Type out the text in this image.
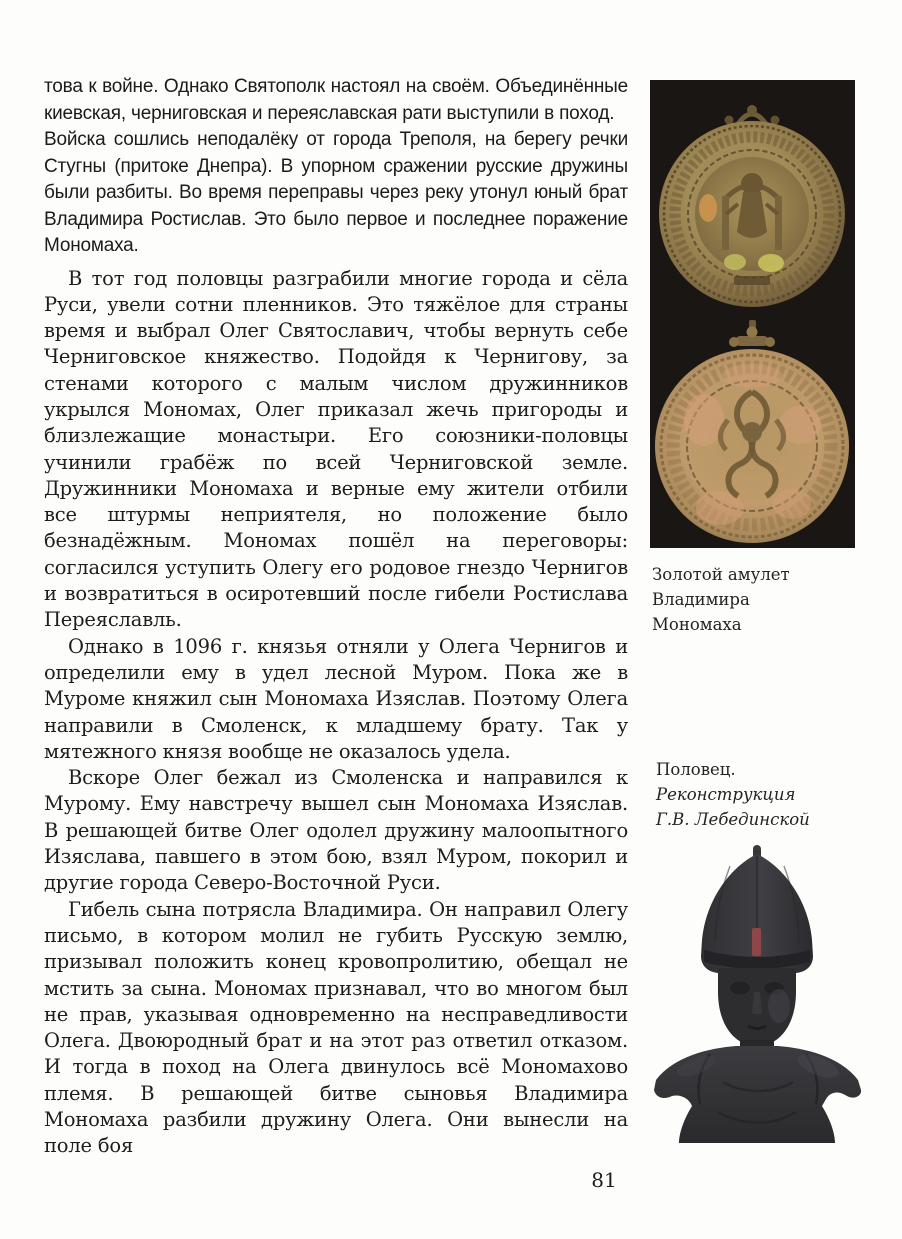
това к войне. Однако Святополк настоял на своём. Объединённые киевская, черниговская и переяславская рати выступили в поход.

Войска сошлись неподалёку от города Треполя, на берегу речки Стугны (притоке Днепра). В упорном сражении русские дружины были разбиты. Во время переправы через реку утонул юный брат Владимира Ростислав. Это было первое и последнее поражение Мономаха.

В тот год половцы разграбили многие города и сёла Руси, увели сотни пленников. Это тяжёлое для страны время и выбрал Олег Святославич, чтобы вернуть себе Черниговское княжество. Подойдя к Чернигову, за стенами которого с малым числом дружинников укрылся Мономах, Олег приказал жечь пригороды и близлежащие монастыри. Его союзники-половцы учинили грабёж по всей Черниговской земле. Дружинники Мономаха и верные ему жители отбили все штурмы неприятеля, но положение было безнадёжным. Мономах пошёл на переговоры: согласился уступить Олегу его родовое гнездо Чернигов и возвратиться в осиротевший после гибели Ростислава Переяславль.

Однако в 1096 г. князья отняли у Олега Чернигов и определили ему в удел лесной Муром. Пока же в Муроме княжил сын Мономаха Изяслав. Поэтому Олега направили в Смоленск, к младшему брату. Так у мятежного князя вообще не оказалось удела.

Вскоре Олег бежал из Смоленска и направился к Мурому. Ему навстречу вышел сын Мономаха Изяслав. В решающей битве Олег одолел дружину малоопытного Изяслава, павшего в этом бою, взял Муром, покорил и другие города Северо-Восточной Руси.

Гибель сына потрясла Владимира. Он направил Олегу письмо, в котором молил не губить Русскую землю, призывал положить конец кровопролитию, обещал не мстить за сына. Мономах признавал, что во многом был не прав, указывая одновременно на несправедливости Олега. Двоюродный брат и на этот раз ответил отказом. И тогда в поход на Олега двинулось всё Мономахово племя. В решающей битве сыновья Владимира Мономаха разбили дружину Олега. Они вынесли на поле боя

Золотой амулет
Владимира
Мономаха
Половец.
Реконструкция
Г.В. Лебединской
81
